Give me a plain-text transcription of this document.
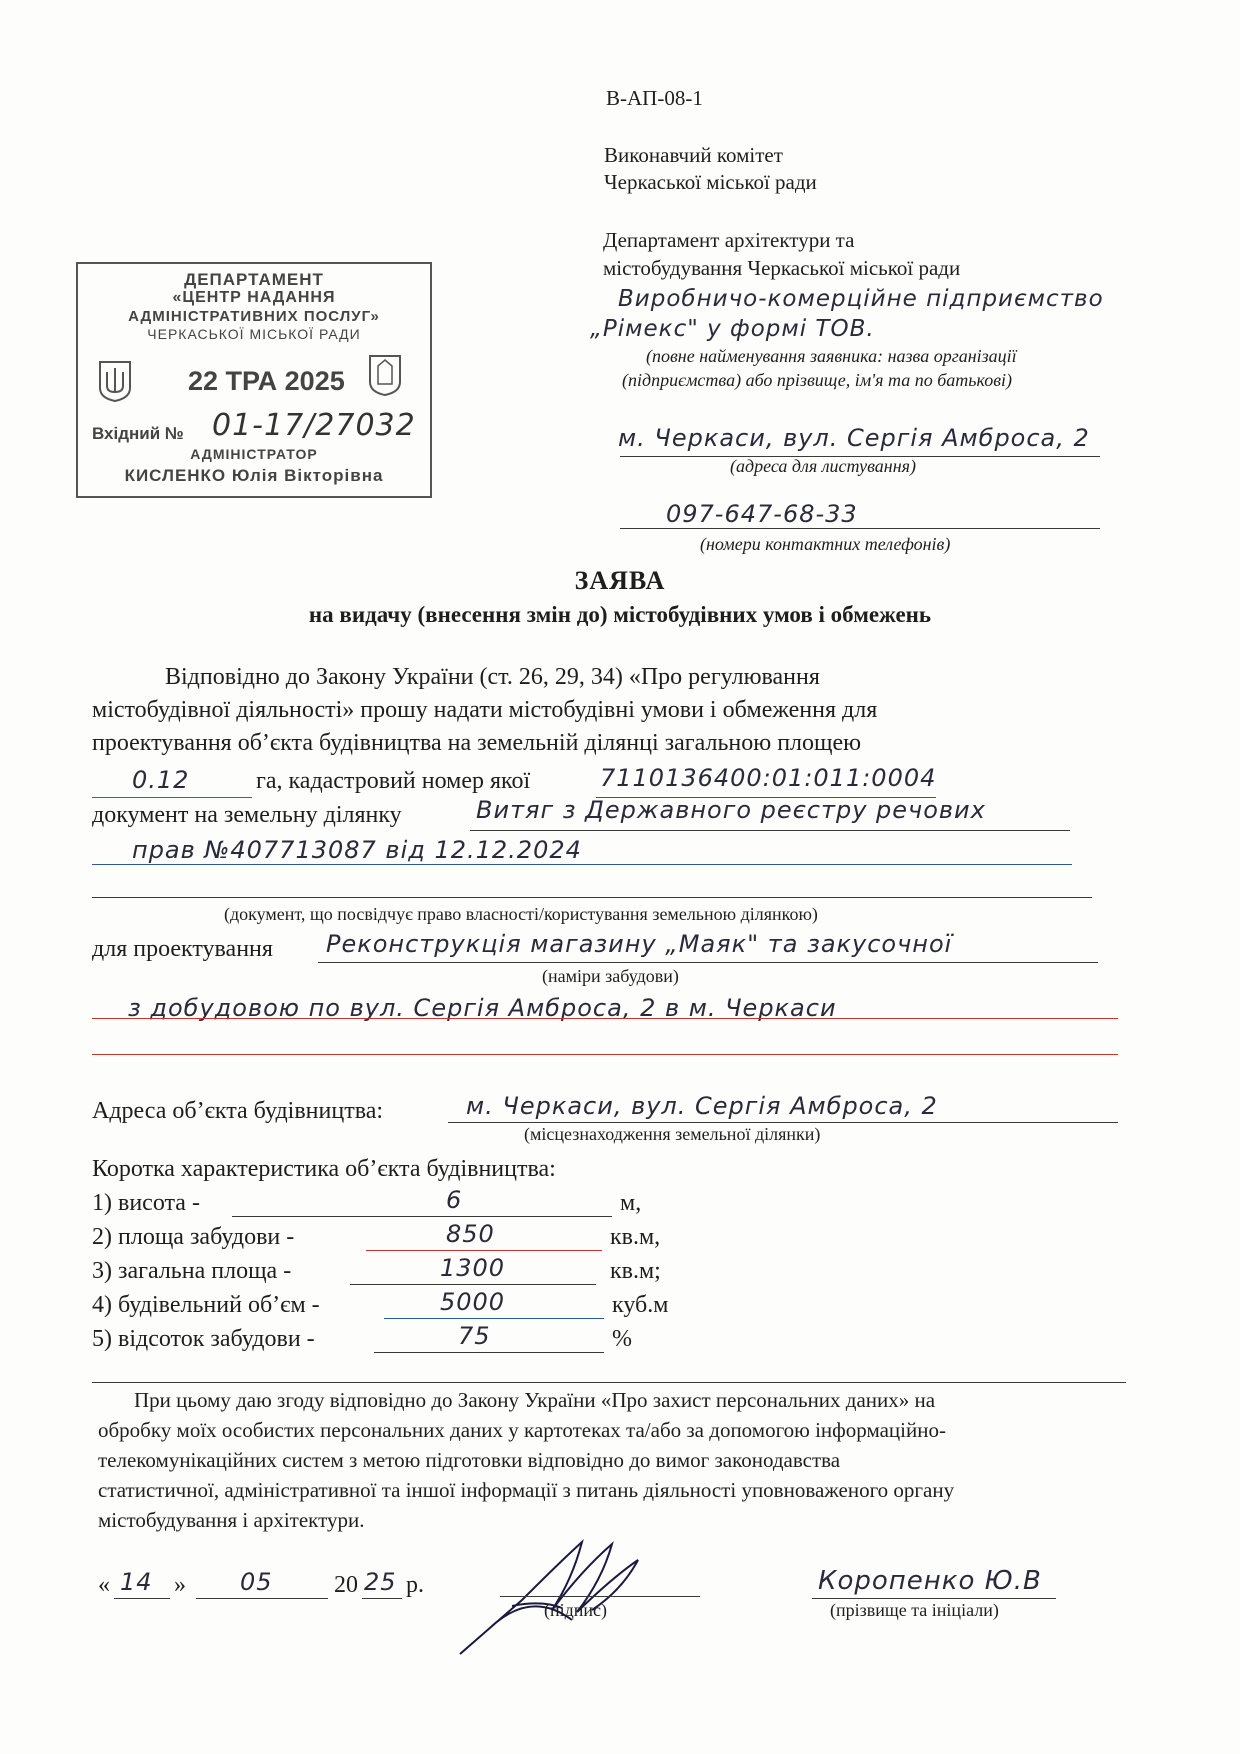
В-АП-08-1
Виконавчий комітет
Черкаської міської ради
Департамент архітектури та
містобудування Черкаської міської ради
Виробничо-комерційне підприємство
„Рімекс" у формі ТОВ.
(повне найменування заявника: назва організації
(підприємства) або прізвище, ім'я та по батькові)
м. Черкаси, вул. Сергія Амброса, 2
(адреса для листування)
097-647-68-33
(номери контактних телефонів)
ДЕПАРТАМЕНТ
«ЦЕНТР НАДАННЯ
АДМІНІСТРАТИВНИХ ПОСЛУГ»
ЧЕРКАСЬКОЇ МІСЬКОЇ РАДИ
22 ТРА 2025
Вхідний № 01-17/27032
АДМІНІСТРАТОР
КИСЛЕНКО Юлія Вікторівна
ЗАЯВА
на видачу (внесення змін до) містобудівних умов і обмежень
Відповідно до Закону України (ст. 26, 29, 34) «Про регулювання
містобудівної діяльності» прошу надати містобудівні умови і обмеження для
проектування об’єкта будівництва на земельній ділянці загальною площею
0.12	га, кадастровий номер якої	7110136400:01:011:0004
документ на земельну ділянку	Витяг з Державного реєстру речових
прав №407713087 від 12.12.2024
(документ, що посвідчує право власності/користування земельною ділянкою)
для проектування Реконструкція магазину „Маяк" та закусочної
(наміри забудови)
з добудовою по вул. Сергія Амброса, 2 в м. Черкаси
Адреса об’єкта будівництва:	м. Черкаси, вул. Сергія Амброса, 2
(місцезнаходження земельної ділянки)
Коротка характеристика об’єкта будівництва:
1) висота -	6	м,
2) площа забудови -	850	кв.м,
3) загальна площа -	1300	кв.м;
4) будівельний об’єм -	5000	куб.м
5) відсоток забудови -	75	%
При цьому даю згоду відповідно до Закону України «Про захист персональних даних» на
обробку моїх особистих персональних даних у картотеках та/або за допомогою інформаційно-
телекомунікаційних систем з метою підготовки відповідно до вимог законодавства
статистичної, адміністративної та іншої інформації з питань діяльності уповноваженого органу
містобудування і архітектури.
« 14 » 05	20 25 р.
(підпис)
Коропенко Ю.В
(прізвище та ініціали)
